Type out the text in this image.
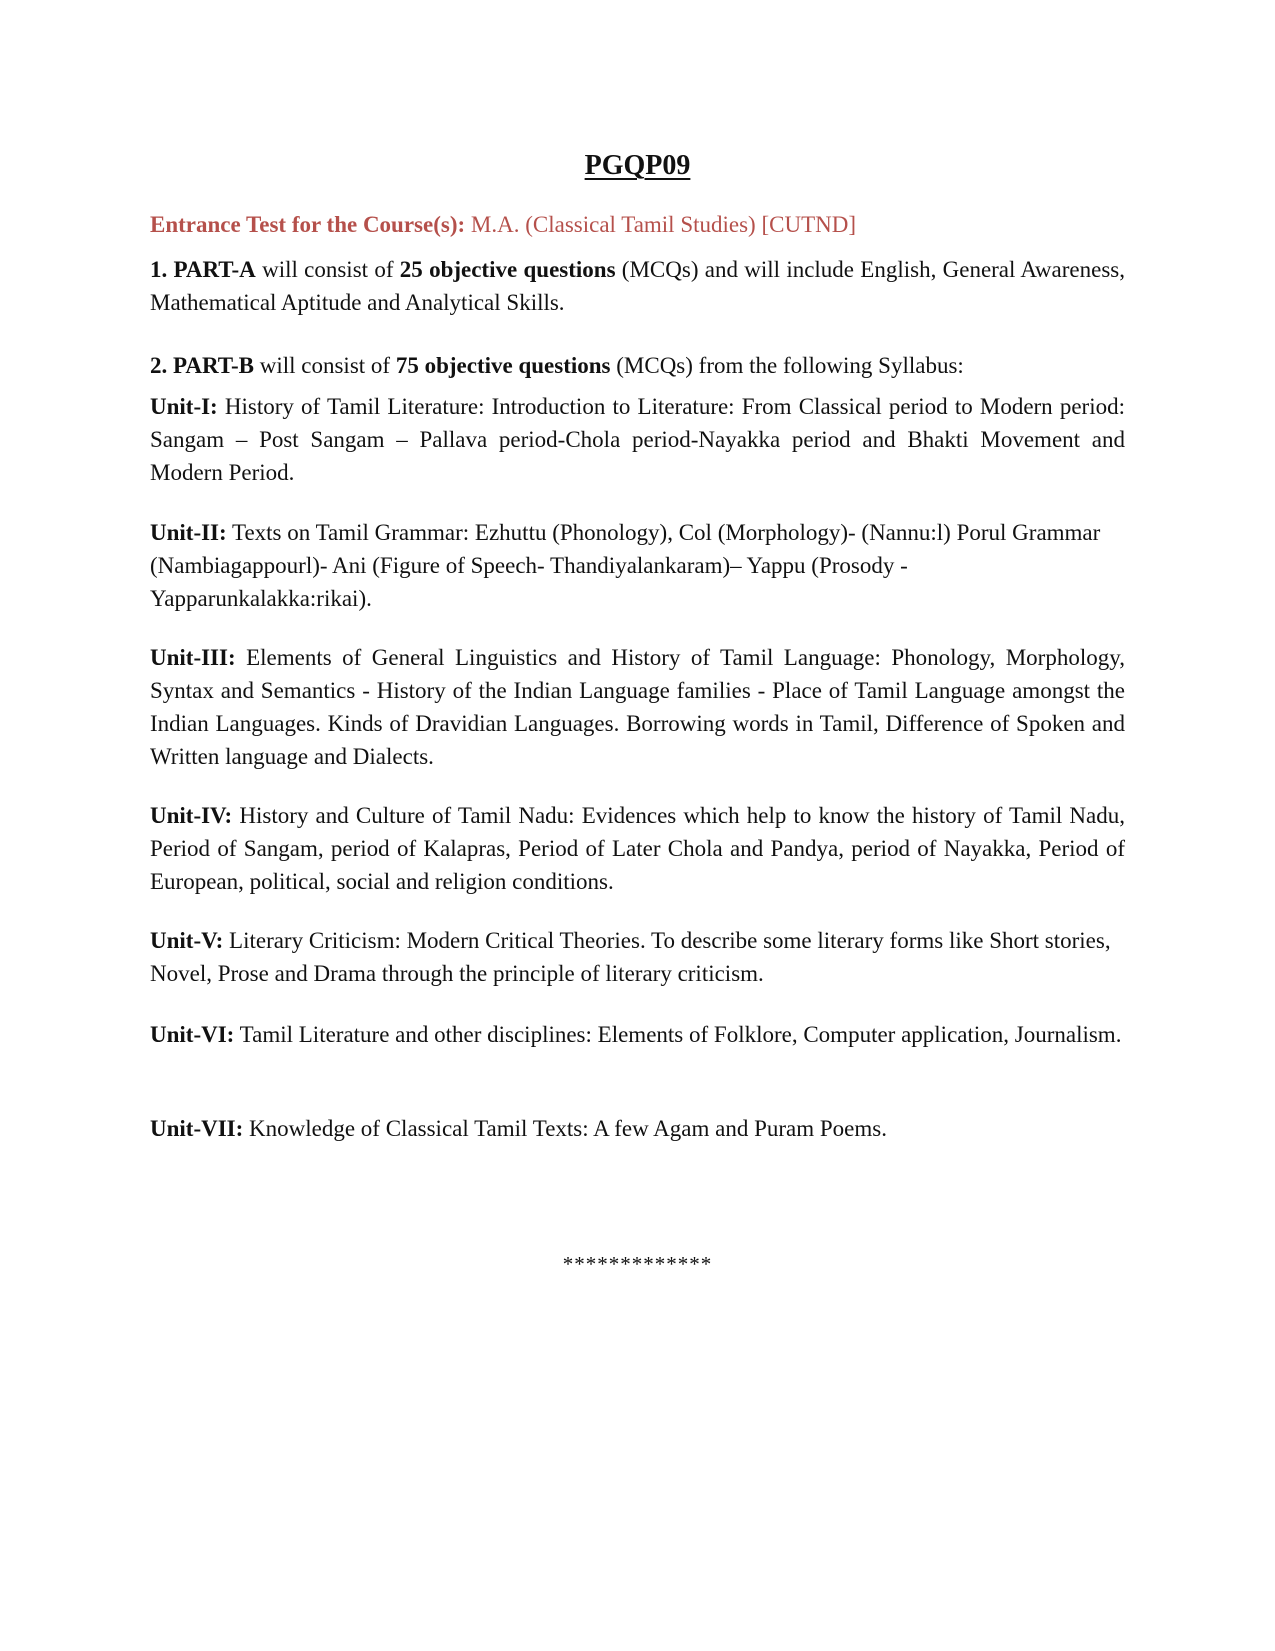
PGQP09
Entrance Test for the Course(s): M.A. (Classical Tamil Studies) [CUTND]
1. PART-A will consist of 25 objective questions (MCQs) and will include English, General Awareness, Mathematical Aptitude and Analytical Skills.
2. PART-B will consist of 75 objective questions (MCQs) from the following Syllabus:
Unit-I: History of Tamil Literature: Introduction to Literature: From Classical period to Modern period: Sangam – Post Sangam – Pallava period-Chola period-Nayakka period and Bhakti Movement and Modern Period.
Unit-II: Texts on Tamil Grammar: Ezhuttu (Phonology), Col (Morphology)- (Nannu:l) Porul Grammar (Nambiagappourl)- Ani (Figure of Speech- Thandiyalankaram)– Yappu (Prosody - Yapparunkalakka:rikai).
Unit-III: Elements of General Linguistics and History of Tamil Language: Phonology, Morphology, Syntax and Semantics - History of the Indian Language families - Place of Tamil Language amongst the Indian Languages. Kinds of Dravidian Languages. Borrowing words in Tamil, Difference of Spoken and Written language and Dialects.
Unit-IV: History and Culture of Tamil Nadu: Evidences which help to know the history of Tamil Nadu, Period of Sangam, period of Kalapras, Period of Later Chola and Pandya, period of Nayakka, Period of European, political, social and religion conditions.
Unit-V: Literary Criticism: Modern Critical Theories. To describe some literary forms like Short stories, Novel, Prose and Drama through the principle of literary criticism.
Unit-VI: Tamil Literature and other disciplines: Elements of Folklore, Computer application, Journalism.
Unit-VII: Knowledge of Classical Tamil Texts: A few Agam and Puram Poems.
*************
